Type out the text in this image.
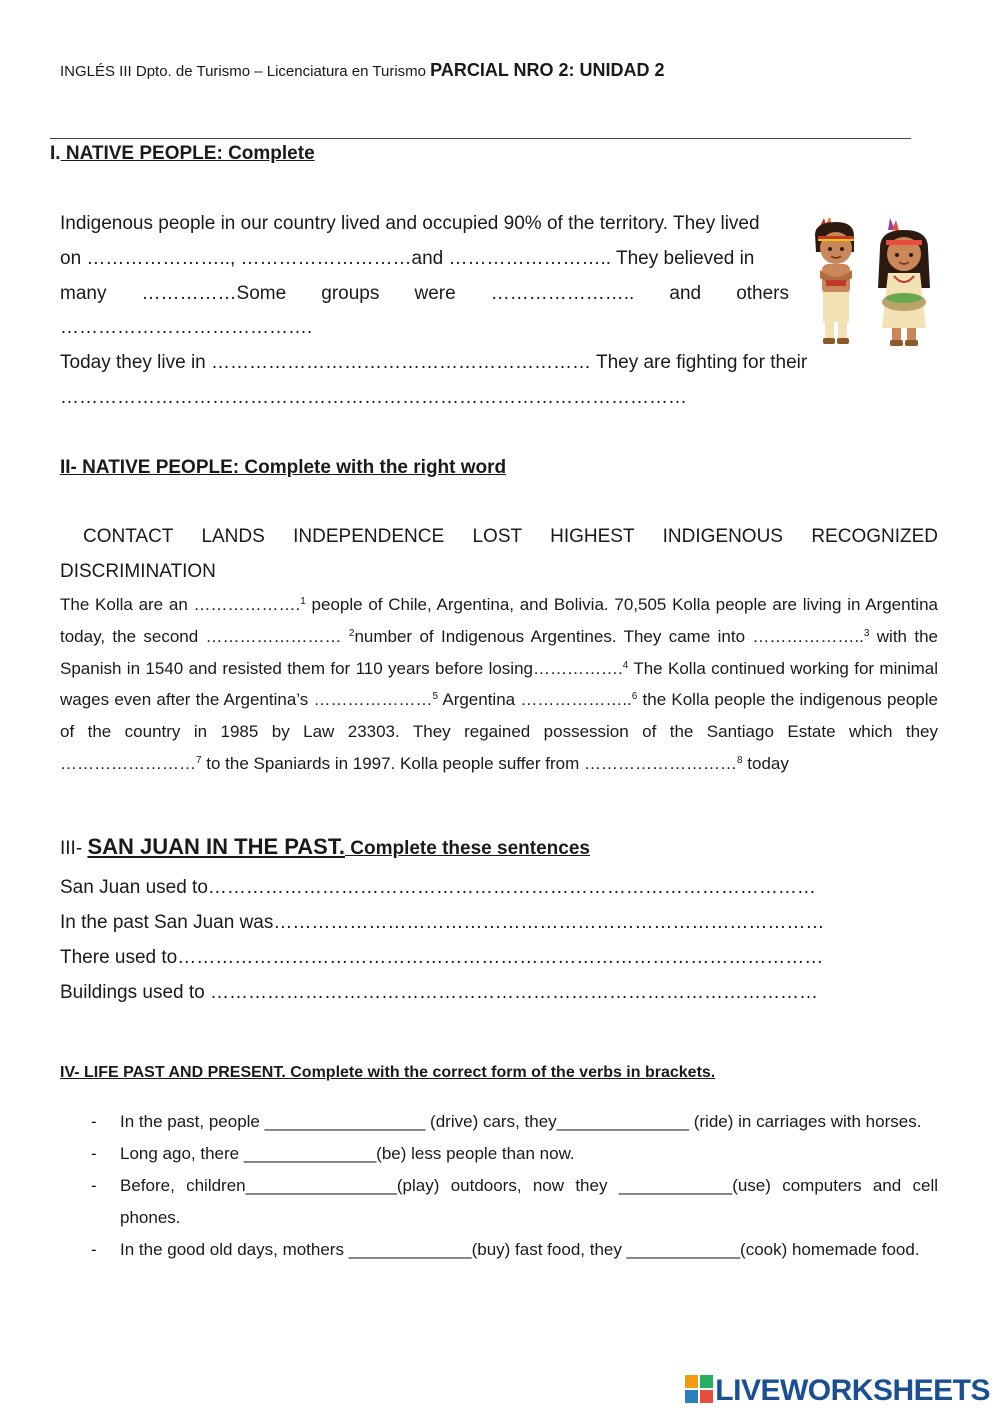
INGLÉS III Dpto. de Turismo – Licenciatura en Turismo PARCIAL NRO 2: UNIDAD 2
I. NATIVE PEOPLE: Complete
Indigenous people in our country lived and occupied 90% of the territory. They lived
on ………………….., ………………………and …………………….. They believed in
many ……………Some groups were ………………….. and others
………………………………….
Today they live in …………………………………………………… They are fighting for their
………………………………………………………………………………………
II- NATIVE PEOPLE: Complete with the right word
CONTACT LANDS INDEPENDENCE LOST HIGHEST INDIGENOUS RECOGNIZED
DISCRIMINATION
The Kolla are an ……………….$^1$ people of Chile, Argentina, and Bolivia. 70,505 Kolla people are living in Argentina today, the second …………………… $^2$number of Indigenous Argentines. They came into ………………..$^3$ with the Spanish in 1540 and resisted them for 110 years before losing…………….$^4$ The Kolla continued working for minimal wages even after the Argentina’s …………………$^5$ Argentina ………………..$^6$ the Kolla people the indigenous people of the country in 1985 by Law 23303. They regained possession of the Santiago Estate which they ……………………$^7$ to the Spaniards in 1997. Kolla people suffer from ………………………$^8$ today
III- SAN JUAN IN THE PAST. Complete these sentences
San Juan used to……………………………………………………………………………………
In the past San Juan was……………………………………………………………………………
There used to…………………………………………………………………………………………
Buildings used to ……………………………………………………………………………………
IV- LIFE PAST AND PRESENT. Complete with the correct form of the verbs in brackets.
- In the past, people _________________ (drive) cars, they______________ (ride) in carriages with horses.
- Long ago, there ______________(be) less people than now.
- Before, children________________(play) outdoors, now they ____________(use) computers and cell phones.
- In the good old days, mothers _____________(buy) fast food, they ____________(cook) homemade food.
LIVEWORKSHEETS
